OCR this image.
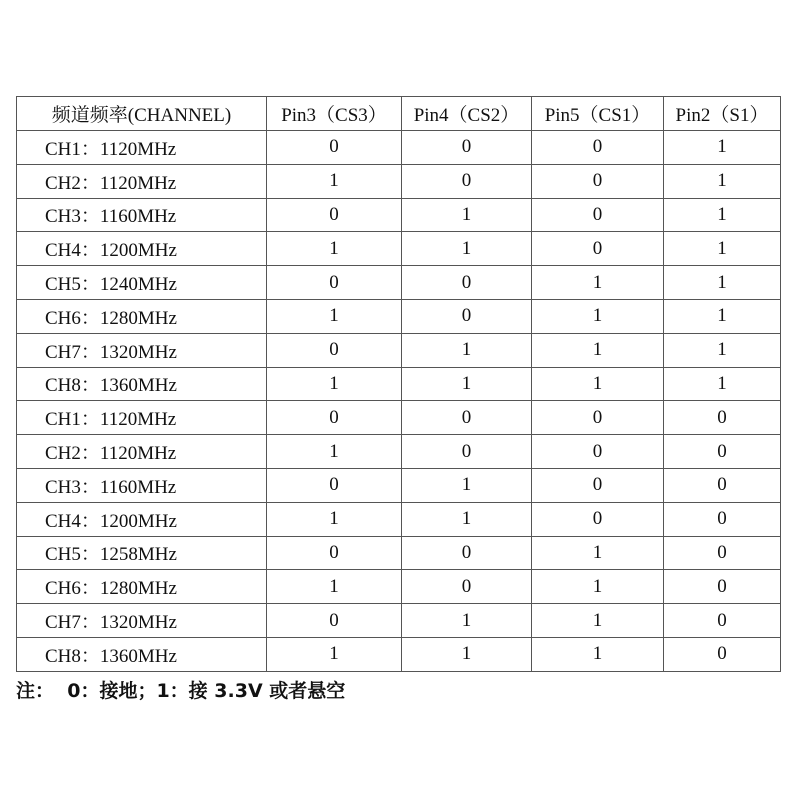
频道频率(CHANNEL)	Pin3（CS3）	Pin4（CS2）	Pin5（CS1）	Pin2（S1）
CH1：1120MHz	0	0	0	1
CH2：1120MHz	1	0	0	1
CH3：1160MHz	0	1	0	1
CH4：1200MHz	1	1	0	1
CH5：1240MHz	0	0	1	1
CH6：1280MHz	1	0	1	1
CH7：1320MHz	0	1	1	1
CH8：1360MHz	1	1	1	1
CH1：1120MHz	0	0	0	0
CH2：1120MHz	1	0	0	0
CH3：1160MHz	0	1	0	0
CH4：1200MHz	1	1	0	0
CH5：1258MHz	0	0	1	0
CH6：1280MHz	1	0	1	0
CH7：1320MHz	0	1	1	0
CH8：1360MHz	1	1	1	0
注：  0：接地；1：接 3.3V 或者悬空
